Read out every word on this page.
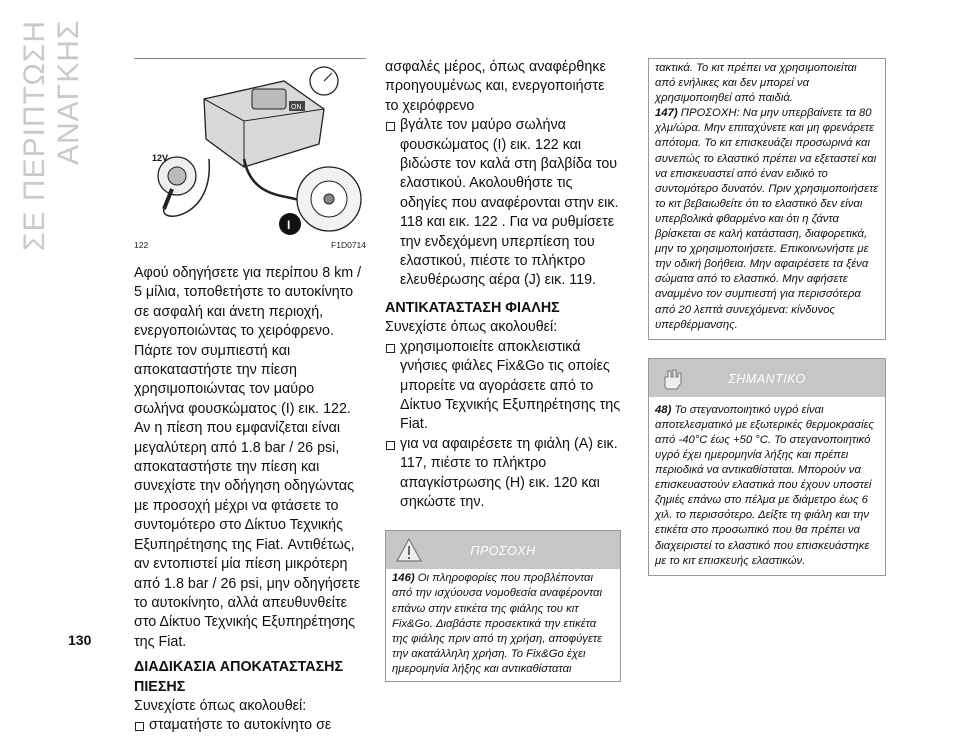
ΣΕ ΠΕΡΙΠΤΩΣΗ ΑΝΑΓΚΗΣ
130
ON
12V
I
122	F1D0714

Αφού οδηγήσετε για περίπου 8 km / 5 μίλια, τοποθετήστε το αυτοκίνητο σε ασφαλή και άνετη περιοχή, ενεργοποιώντας το χειρόφρενο. Πάρτε τον συμπιεστή και αποκαταστήστε την πίεση χρησιμοποιώντας τον μαύρο σωλήνα φουσκώματος (I) εικ. 122.

Αν η πίεση που εμφανίζεται είναι μεγαλύτερη από 1.8 bar / 26 psi, αποκαταστήστε την πίεση και συνεχίστε την οδήγηση οδηγώντας με προσοχή μέχρι να φτάσετε το συντομότερο στο Δίκτυο Τεχνικής Εξυπηρέτησης της Fiat. Αντιθέτως, αν εντοπιστεί μία πίεση μικρότερη από 1.8 bar / 26 psi, μην οδηγήσετε το αυτοκίνητο, αλλά απευθυνθείτε στο Δίκτυο Τεχνικής Εξυπηρέτησης της Fiat.

ΔΙΑΔΙΚΑΣΙΑ ΑΠΟΚΑΤΑΣΤΑΣΗΣ ΠΙΕΣΗΣ

Συνεχίστε όπως ακολουθεί:

σταματήστε το αυτοκίνητο σε

ασφαλές μέρος, όπως αναφέρθηκε προηγουμένως και, ενεργοποιήστε το χειρόφρενο

βγάλτε τον μαύρο σωλήνα φουσκώματος (I) εικ. 122 και βιδώστε τον καλά στη βαλβίδα του ελαστικού. Ακολουθήστε τις οδηγίες που αναφέρονται στην εικ. 118 και εικ. 122 . Για να ρυθμίσετε την ενδεχόμενη υπερπίεση του ελαστικού, πιέστε το πλήκτρο ελευθέρωσης αέρα (J) εικ. 119.

ΑΝΤΙΚΑΤΑΣΤΑΣΗ ΦΙΑΛΗΣ

Συνεχίστε όπως ακολουθεί:

χρησιμοποιείτε αποκλειστικά γνήσιες φιάλες Fix&Go τις οποίες μπορείτε να αγοράσετε από το Δίκτυο Τεχνικής Εξυπηρέτησης της Fiat.
για να αφαιρέσετε τη φιάλη (A) εικ. 117, πιέστε το πλήκτρο απαγκίστρωσης (H) εικ. 120 και σηκώστε την.
ΠΡΟΣΟΧΗ
146) Οι πληροφορίες που προβλέπονται από την ισχύουσα νομοθεσία αναφέρονται επάνω στην ετικέτα της φιάλης του κιτ Fix&Go. Διαβάστε προσεκτικά την ετικέτα της φιάλης πριν από τη χρήση, αποφύγετε την ακατάλληλη χρήση. Το Fix&Go έχει ημερομηνία λήξης και αντικαθίσταται
τακτικά. Το κιτ πρέπει να χρησιμοποιείται από ενήλικες και δεν μπορεί να χρησιμοποιηθεί από παιδιά.
147) ΠΡΟΣΟΧΗ: Να μην υπερβαίνετε τα 80 χλμ/ώρα. Μην επιταχύνετε και μη φρενάρετε απότομα. Το κιτ επισκευάζει προσωρινά και συνεπώς το ελαστικό πρέπει να εξεταστεί και να επισκευαστεί από έναν ειδικό το συντομότερο δυνατόν. Πριν χρησιμοποιήσετε το κιτ βεβαιωθείτε ότι το ελαστικό δεν είναι υπερβολικά φθαρμένο και ότι η ζάντα βρίσκεται σε καλή κατάσταση, διαφορετικά, μην το χρησιμοποιήσετε. Επικοινωνήστε με την οδική βοήθεια. Μην αφαιρέσετε τα ξένα σώματα από το ελαστικό. Μην αφήσετε αναμμένο τον συμπιεστή για περισσότερα από 20 λεπτά συνεχόμενα: κίνδυνος υπερθέρμανσης.
ΣΗΜΑΝΤΙΚΟ
48) Το στεγανοποιητικό υγρό είναι αποτελεσματικό με εξωτερικές θερμοκρασίες από -40°C έως +50 °C. Το στεγανοποιητικό υγρό έχει ημερομηνία λήξης και πρέπει περιοδικά να αντικαθίσταται. Μπορούν να επισκευαστούν ελαστικά που έχουν υποστεί ζημιές επάνω στο πέλμα με διάμετρο έως 6 χιλ. το περισσότερο. Δείξτε τη φιάλη και την ετικέτα στο προσωπικό που θα πρέπει να διαχειριστεί το ελαστικό που επισκευάστηκε με το κιτ επισκευής ελαστικών.
